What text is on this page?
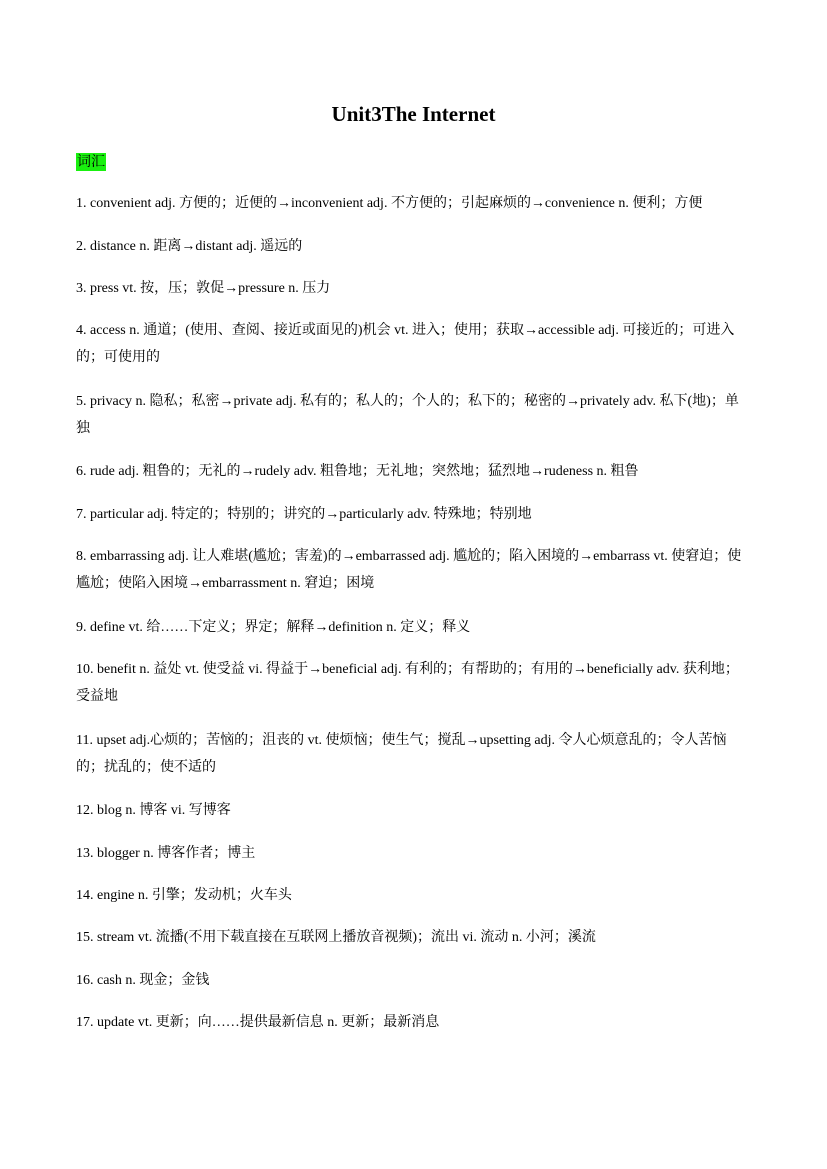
Unit3The Internet
词汇
1. convenient adj. 方便的；近便的→inconvenient adj. 不方便的；引起麻烦的→convenience n. 便利；方便
2. distance n. 距离→distant adj. 遥远的
3. press vt. 按，压；敦促→pressure n. 压力
4. access n. 通道；(使用、查阅、接近或面见的)机会 vt. 进入；使用；获取→accessible adj. 可接近的；可进入的；可使用的
5. privacy n. 隐私；私密→private adj. 私有的；私人的；个人的；私下的；秘密的→privately adv. 私下(地)；单独
6. rude adj. 粗鲁的；无礼的→rudely adv. 粗鲁地；无礼地；突然地；猛烈地→rudeness n. 粗鲁
7. particular adj. 特定的；特别的；讲究的→particularly adv. 特殊地；特别地
8. embarrassing adj. 让人难堪(尴尬；害羞)的→embarrassed adj. 尴尬的；陷入困境的→embarrass vt. 使窘迫；使尴尬；使陷入困境→embarrassment n. 窘迫；困境
9. define vt. 给……下定义；界定；解释→definition n. 定义；释义
10. benefit n. 益处 vt. 使受益 vi. 得益于→beneficial adj. 有利的；有帮助的；有用的→beneficially adv. 获利地；受益地
11. upset adj.心烦的；苦恼的；沮丧的 vt. 使烦恼；使生气；搅乱→upsetting adj. 令人心烦意乱的；令人苦恼的；扰乱的；使不适的
12. blog n. 博客 vi. 写博客
13. blogger n. 博客作者；博主
14. engine n. 引擎；发动机；火车头
15. stream vt. 流播(不用下载直接在互联网上播放音视频)；流出 vi. 流动 n. 小河；溪流
16. cash n. 现金；金钱
17. update vt. 更新；向……提供最新信息 n. 更新；最新消息
